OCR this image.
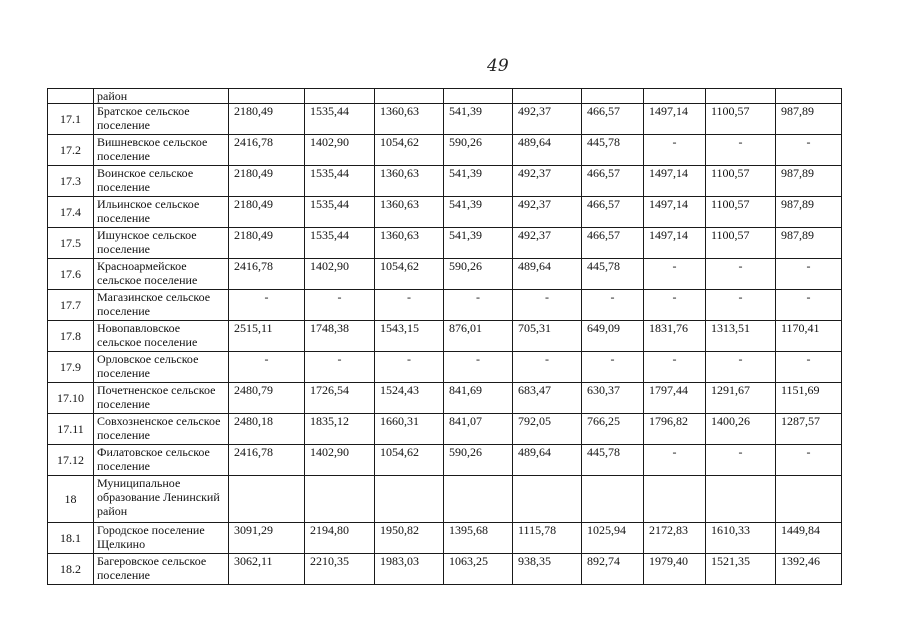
49
	район									
17.1	Братское сельское поселение	2180,49	1535,44	1360,63	541,39	492,37	466,57	1497,14	1100,57	987,89
17.2	Вишневское сельское поселение	2416,78	1402,90	1054,62	590,26	489,64	445,78	-	-	-
17.3	Воинское сельское поселение	2180,49	1535,44	1360,63	541,39	492,37	466,57	1497,14	1100,57	987,89
17.4	Ильинское сельское поселение	2180,49	1535,44	1360,63	541,39	492,37	466,57	1497,14	1100,57	987,89
17.5	Ишунское сельское поселение	2180,49	1535,44	1360,63	541,39	492,37	466,57	1497,14	1100,57	987,89
17.6	Красноармейское сельское поселение	2416,78	1402,90	1054,62	590,26	489,64	445,78	-	-	-
17.7	Магазинское сельское поселение	-	-	-	-	-	-	-	-	-
17.8	Новопавловское сельское поселение	2515,11	1748,38	1543,15	876,01	705,31	649,09	1831,76	1313,51	1170,41
17.9	Орловское сельское поселение	-	-	-	-	-	-	-	-	-
17.10	Почетненское сельское поселение	2480,79	1726,54	1524,43	841,69	683,47	630,37	1797,44	1291,67	1151,69
17.11	Совхозненское сельское поселение	2480,18	1835,12	1660,31	841,07	792,05	766,25	1796,82	1400,26	1287,57
17.12	Филатовское сельское поселение	2416,78	1402,90	1054,62	590,26	489,64	445,78	-	-	-
18	Муниципальное образование Ленинский район									
18.1	Городское поселение Щелкино	3091,29	2194,80	1950,82	1395,68	1115,78	1025,94	2172,83	1610,33	1449,84
18.2	Багеровское сельское поселение	3062,11	2210,35	1983,03	1063,25	938,35	892,74	1979,40	1521,35	1392,46
